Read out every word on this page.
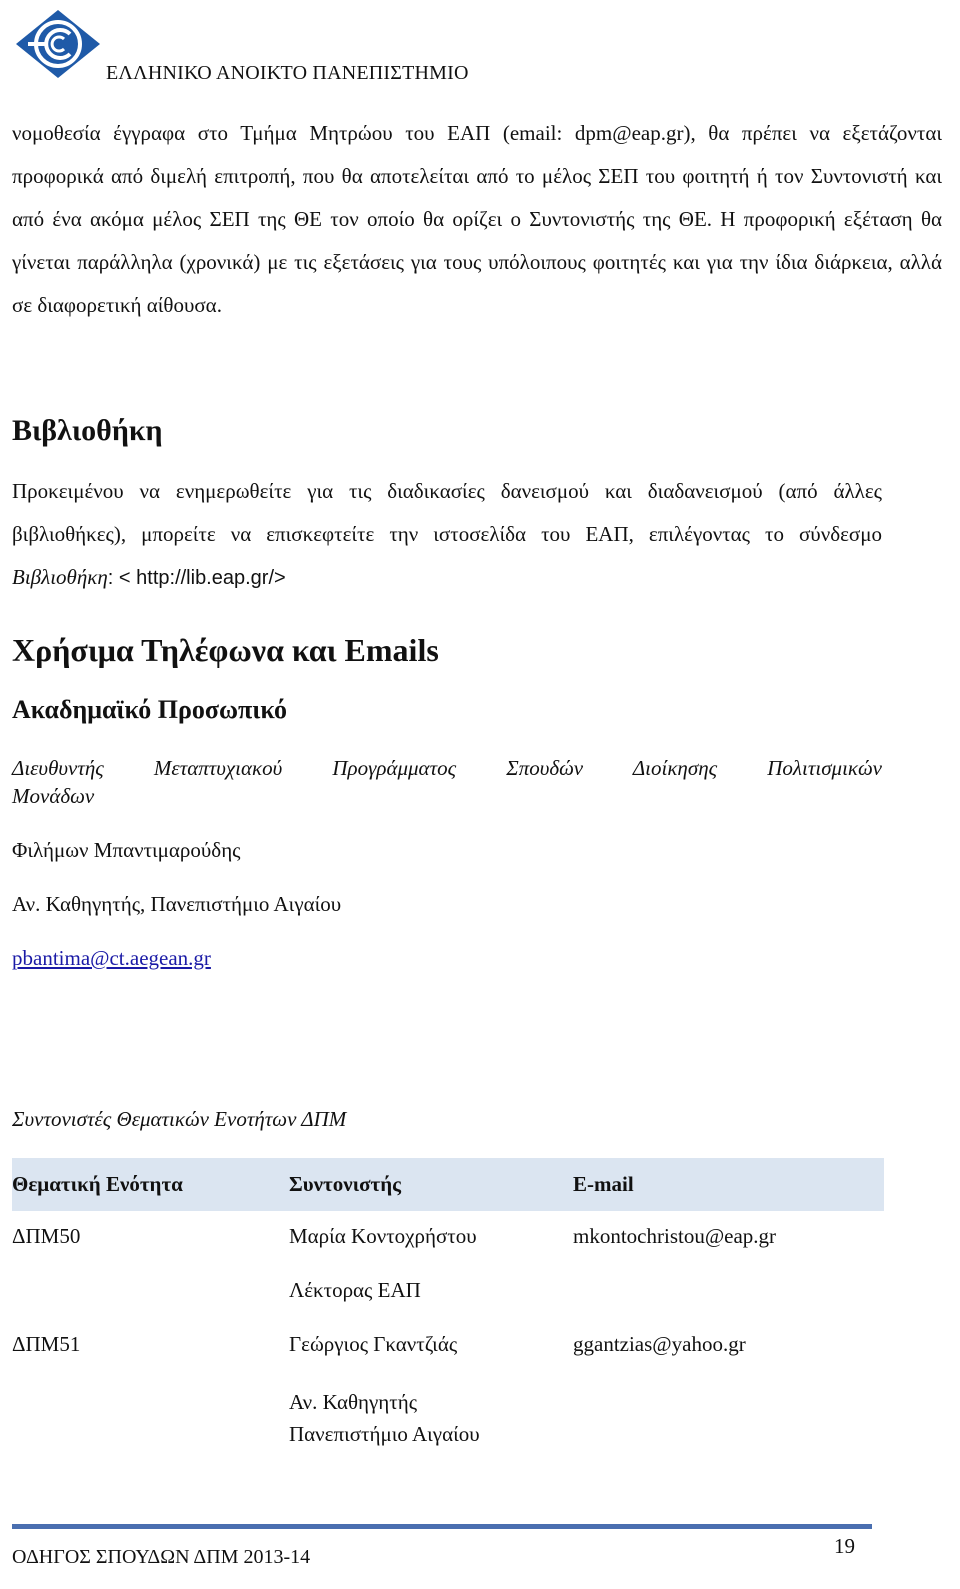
ΕΛΛΗΝΙΚΟ ΑΝΟΙΚΤΟ ΠΑΝΕΠΙΣΤΗΜΙΟ

νομοθεσία έγγραφα στο Τμήμα Μητρώου του ΕΑΠ (email: dpm@eap.gr), θα πρέπει να εξετάζονται προφορικά από διμελή επιτροπή, που θα αποτελείται από το μέλος ΣΕΠ του φοιτητή ή τον Συντονιστή και από ένα ακόμα μέλος ΣΕΠ της ΘΕ τον οποίο θα ορίζει ο Συντονιστής της ΘΕ. Η προφορική εξέταση θα γίνεται παράλληλα (χρονικά) με τις εξετάσεις για τους υπόλοιπους φοιτητές και για την ίδια διάρκεια, αλλά σε διαφορετική αίθουσα.

Βιβλιοθήκη

Προκειμένου να ενημερωθείτε για τις διαδικασίες δανεισμού και διαδανεισμού (από άλλες βιβλιοθήκες), μπορείτε να επισκεφτείτε την ιστοσελίδα του ΕΑΠ, επιλέγοντας το σύνδεσμο Βιβλιοθήκη: < http://lib.eap.gr/>

Χρήσιμα Τηλέφωνα και Emails
Ακαδημαϊκό Προσωπικό
Διευθυντής Μεταπτυχιακού Προγράμματος Σπουδών Διοίκησης Πολιτισμικών
Μονάδων
Φιλήμων Μπαντιμαρούδης
Αν. Καθηγητής, Πανεπιστήμιο Αιγαίου
pbantima@ct.aegean.gr
Συντονιστές Θεματικών Ενοτήτων ΔΠΜ
Θεματική Ενότητα	Συντονιστής	E-mail
ΔΠΜ50	Μαρία Κοντοχρήστου	mkontochristou@eap.gr
	Λέκτορας ΕΑΠ	
ΔΠΜ51	Γεώργιος Γκαντζιάς	ggantzias@yahoo.gr

	Αν. Καθηγητής
Πανεπιστήμιο Αιγαίου	

ΟΔΗΓΟΣ ΣΠΟΥΔΩΝ ΔΠΜ 2013-14	19
